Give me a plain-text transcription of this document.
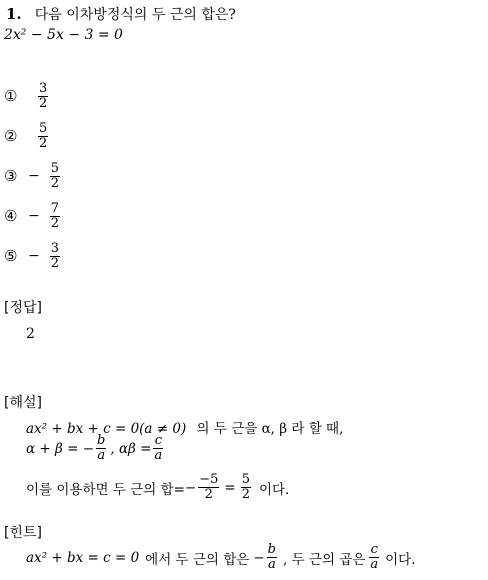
1. 다음 이차방정식의 두 근의 합은?
2x² − 5x − 3 = 0
① $\frac{3}{2}$
② $\frac{5}{2}$
③ − $\frac{5}{2}$
④ − $\frac{7}{2}$
⑤ − $\frac{3}{2}$
[정답]
2
[해설]
ax² + bx + c = 0(a ≠ 0) 의 두 근을 α, β 라 할 때,
α + β = − $\frac{b}{a}$ , $\alpha\beta = \frac{c}{a}$
이를 이용하면 두 근의 합= − $\frac{-5}{2} = \frac{5}{2}$ 이다.
[힌트]
ax² + bx = c = 0 에서 두 근의 합은 − $\frac{b}{a}$ , 두 근의 곱은 $\frac{c}{a}$ 이다.
